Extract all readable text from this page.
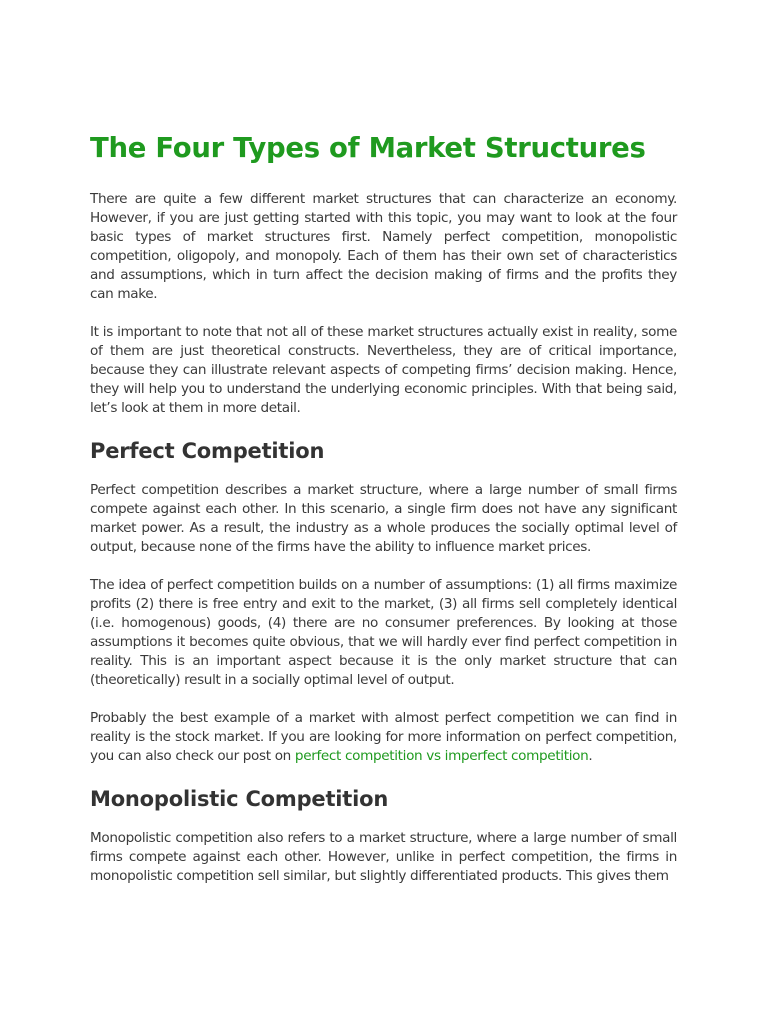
The Four Types of Market Structures

There are quite a few different market structures that can characterize an economy. However, if you are just getting started with this topic, you may want to look at the four basic types of market structures first. Namely perfect competition, monopolistic competition, oligopoly, and monopoly. Each of them has their own set of characteristics and assumptions, which in turn affect the decision making of firms and the profits they can make.

It is important to note that not all of these market structures actually exist in reality, some of them are just theoretical constructs. Nevertheless, they are of critical importance, because they can illustrate relevant aspects of competing firms’ decision making. Hence, they will help you to understand the underlying economic principles. With that being said, let’s look at them in more detail.

Perfect Competition

Perfect competition describes a market structure, where a large number of small firms compete against each other. In this scenario, a single firm does not have any significant market power. As a result, the industry as a whole produces the socially optimal level of output, because none of the firms have the ability to influence market prices.

The idea of perfect competition builds on a number of assumptions: (1) all firms maximize profits (2) there is free entry and exit to the market, (3) all firms sell completely identical (i.e. homogenous) goods, (4) there are no consumer preferences. By looking at those assumptions it becomes quite obvious, that we will hardly ever find perfect competition in reality. This is an important aspect because it is the only market structure that can (theoretically) result in a socially optimal level of output.

Probably the best example of a market with almost perfect competition we can find in reality is the stock market. If you are looking for more information on perfect competition, you can also check our post on perfect competition vs imperfect competition.

Monopolistic Competition

Monopolistic competition also refers to a market structure, where a large number of small firms compete against each other. However, unlike in perfect competition, the firms in monopolistic competition sell similar, but slightly differentiated products. This gives them
